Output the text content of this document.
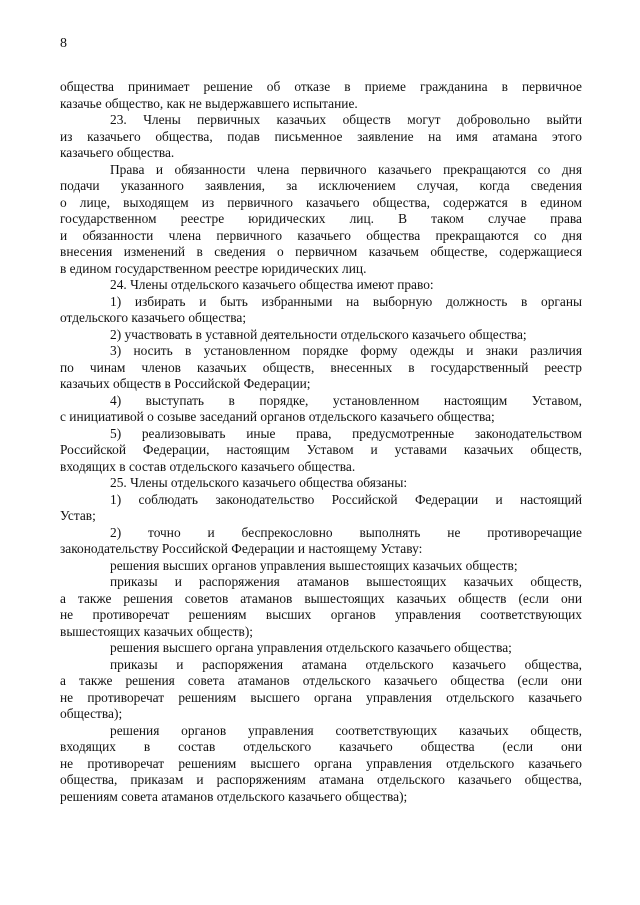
8
общества принимает решение об отказе в приеме гражданина в первичное
казачье общество, как не выдержавшего испытание.
23. Члены первичных казачьих обществ могут добровольно выйти
из казачьего общества, подав письменное заявление на имя атамана этого
казачьего общества.
Права и обязанности члена первичного казачьего прекращаются со дня
подачи указанного заявления, за исключением случая, когда сведения
о лице, выходящем из первичного казачьего общества, содержатся в едином
государственном реестре юридических лиц. В таком случае права
и обязанности члена первичного казачьего общества прекращаются со дня
внесения изменений в сведения о первичном казачьем обществе, содержащиеся
в едином государственном реестре юридических лиц.
24. Члены отдельского казачьего общества имеют право:
1) избирать и быть избранными на выборную должность в органы
отдельского казачьего общества;
2) участвовать в уставной деятельности отдельского казачьего общества;
3) носить в установленном порядке форму одежды и знаки различия
по чинам членов казачьих обществ, внесенных в государственный реестр
казачьих обществ в Российской Федерации;
4) выступать в порядке, установленном настоящим Уставом,
с инициативой о созыве заседаний органов отдельского казачьего общества;
5) реализовывать иные права, предусмотренные законодательством
Российской Федерации, настоящим Уставом и уставами казачьих обществ,
входящих в состав отдельского казачьего общества.
25. Члены отдельского казачьего общества обязаны:
1) соблюдать законодательство Российской Федерации и настоящий
Устав;
2) точно и беспрекословно выполнять не противоречащие
законодательству Российской Федерации и настоящему Уставу:
решения высших органов управления вышестоящих казачьих обществ;
приказы и распоряжения атаманов вышестоящих казачьих обществ,
а также решения советов атаманов вышестоящих казачьих обществ (если они
не противоречат решениям высших органов управления соответствующих
вышестоящих казачьих обществ);
решения высшего органа управления отдельского казачьего общества;
приказы и распоряжения атамана отдельского казачьего общества,
а также решения совета атаманов отдельского казачьего общества (если они
не противоречат решениям высшего органа управления отдельского казачьего
общества);
решения органов управления соответствующих казачьих обществ,
входящих в состав отдельского казачьего общества (если они
не противоречат решениям высшего органа управления отдельского казачьего
общества, приказам и распоряжениям атамана отдельского казачьего общества,
решениям совета атаманов отдельского казачьего общества);
